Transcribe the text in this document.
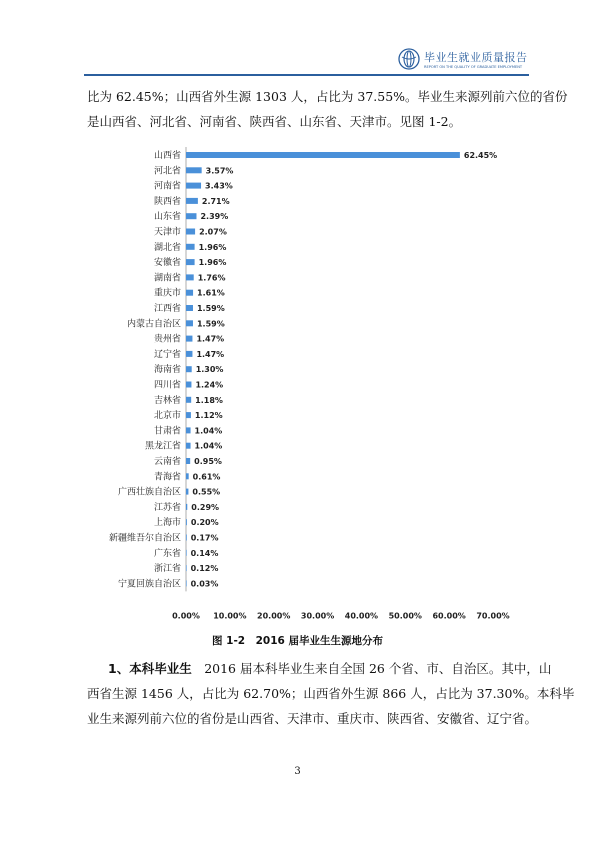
毕业生就业质量报告
REPORT ON THE QUALITY OF GRADUATE EMPLOYMENT
比为 62.45%；山西省外生源 1303 人，占比为 37.55%。毕业生来源列前六位的省份
是山西省、河北省、河南省、陕西省、山东省、天津市。见图 1-2。
山西省	62.45%
河北省	3.57%
河南省	3.43%
陕西省	2.71%
山东省 2.39%
天津市 2.07%
湖北省 1.96%
安徽省 1.96%
湖南省 1.76%
重庆市 1.61%
江西省 1.59%
内蒙古自治区 1.59%
贵州省 1.47%
辽宁省 1.47%
海南省 1.30%
四川省 1.24%
吉林省 1.18%
北京市 1.12%
甘肃省 1.04%
黑龙江省 1.04%
云南省 0.95%
青海省 0.61%
广西壮族自治区 0.55%
江苏省 0.29%
上海市 0.20%
新疆维吾尔自治区 0.17%
广东省 0.14%
浙江省 0.12%
宁夏回族自治区 0.03%
0.00% 10.00% 20.00% 30.00% 40.00% 50.00% 60.00% 70.00%
图 1-2　2016 届毕业生生源地分布
1、本科毕业生　2016 届本科毕业生来自全国 26 个省、市、自治区。其中，山
西省生源 1456 人，占比为 62.70%；山西省外生源 866 人，占比为 37.30%。本科毕
业生来源列前六位的省份是山西省、天津市、重庆市、陕西省、安徽省、辽宁省。
3
